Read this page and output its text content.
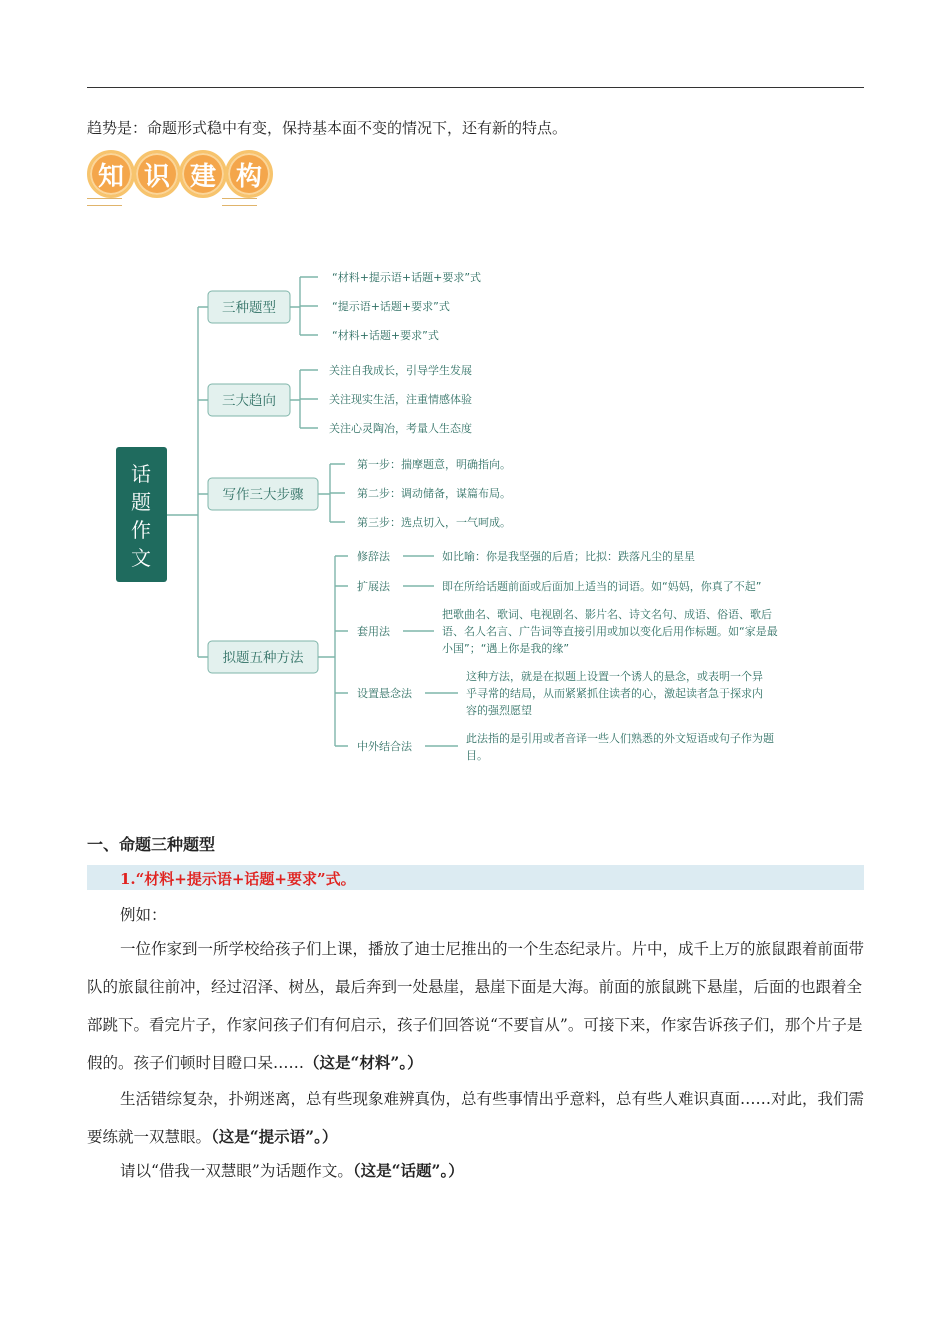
趋势是：命题形式稳中有变，保持基本面不变的情况下，还有新的特点。
知 识 建 构
话
题
作
文
三种题型
三大趋向
写作三大步骤
拟题五种方法
“材料+提示语+话题+要求”式
“提示语+话题+要求”式
“材料+话题+要求”式
关注自我成长，引导学生发展
关注现实生活，注重情感体验
关注心灵陶冶，考量人生态度
第一步：揣摩题意，明确指向。
第二步：调动储备，谋篇布局。
第三步：选点切入，一气呵成。
修辞法
扩展法
套用法
设置悬念法
中外结合法
如比喻：你是我坚强的后盾；比拟：跌落凡尘的星星
即在所给话题前面或后面加上适当的词语。如“妈妈，你真了不起”
把歌曲名、歌词、电视剧名、影片名、诗文名句、成语、俗语、歌后
语、名人名言、广告词等直接引用或加以变化后用作标题。如“家是最
小国”；“遇上你是我的缘”
这种方法，就是在拟题上设置一个诱人的悬念，或表明一个异
乎寻常的结局，从而紧紧抓住读者的心，激起读者急于探求内
容的强烈愿望
此法指的是引用或者音译一些人们熟悉的外文短语或句子作为题
目。
一、命题三种题型
1.“材料+提示语+话题+要求”式。
例如：
一位作家到一所学校给孩子们上课，播放了迪士尼推出的一个生态纪录片。片中，成千上万的旅鼠跟着前面带队的旅鼠往前冲，经过沼泽、树丛，最后奔到一处悬崖，悬崖下面是大海。前面的旅鼠跳下悬崖，后面的也跟着全部跳下。看完片子，作家问孩子们有何启示，孩子们回答说“不要盲从”。可接下来，作家告诉孩子们，那个片子是假的。孩子们顿时目瞪口呆……（这是“材料”。）
生活错综复杂，扑朔迷离，总有些现象难辨真伪，总有些事情出乎意料，总有些人难识真面……对此，我们需要练就一双慧眼。（这是“提示语”。）
请以“借我一双慧眼”为话题作文。（这是“话题”。）
